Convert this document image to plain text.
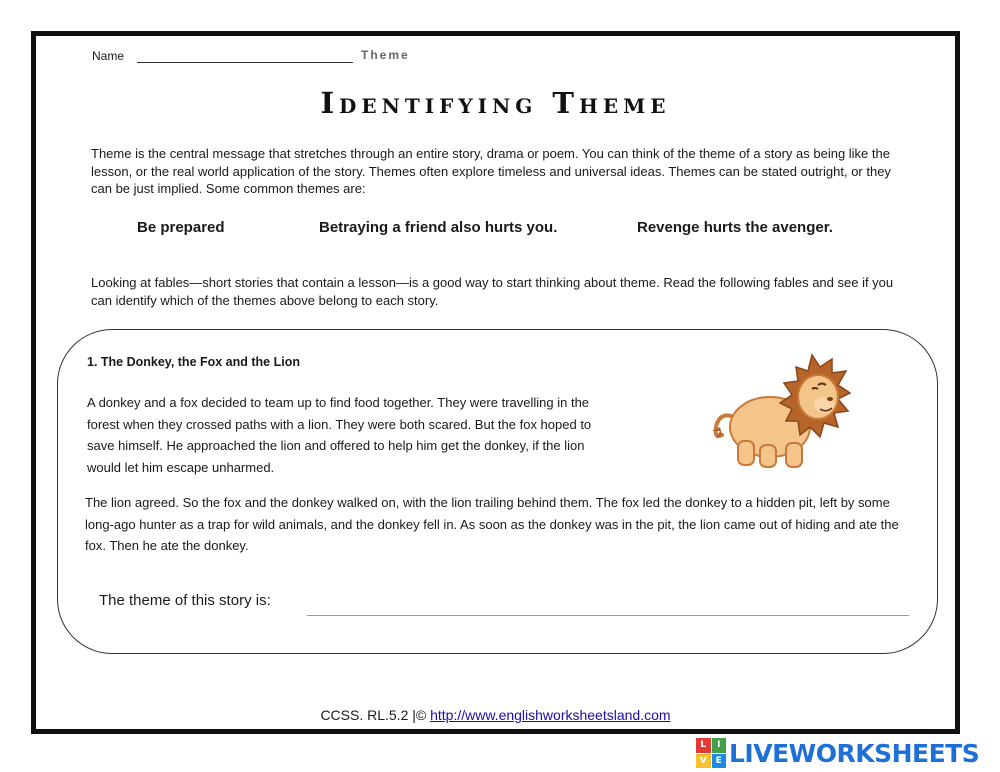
Name	Theme
Identifying Theme
Theme is the central message that stretches through an entire story, drama or poem. You can think of the theme of a story as being like the lesson, or the real world application of the story. Themes often explore timeless and universal ideas. Themes can be stated outright, or they can be just implied. Some common themes are:
Be prepared	Betraying a friend also hurts you.	Revenge hurts the avenger.
Looking at fables—short stories that contain a lesson—is a good way to start thinking about theme. Read the following fables and see if you can identify which of the themes above belong to each story.
1. The Donkey, the Fox and the Lion
A donkey and a fox decided to team up to find food together. They were travelling in the forest when they crossed paths with a lion. They were both scared. But the fox hoped to save himself. He approached the lion and offered to help him get the donkey, if the lion would let him escape unharmed.
The lion agreed. So the fox and the donkey walked on, with the lion trailing behind them. The fox led the donkey to a hidden pit, left by some long-ago hunter as a trap for wild animals, and the donkey fell in. As soon as the donkey was in the pit, the lion came out of hiding and ate the fox. Then he ate the donkey.
The theme of this story is:
CCSS. RL.5.2 |© http://www.englishworksheetsland.com
L	I
V E LIVEWORKSHEETS
